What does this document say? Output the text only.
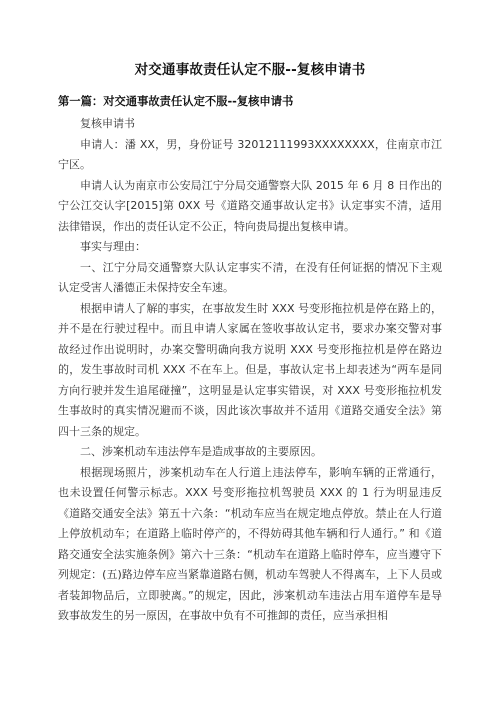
对交通事故责任认定不服--复核申请书
第一篇：对交通事故责任认定不服--复核申请书

复核申请书

申请人：潘 XX，男，身份证号 32012111993XXXXXXXX，住南京市江宁区。

申请人认为南京市公安局江宁分局交通警察大队 2015 年 6 月 8 日作出的宁公江交认字[2015]第 0XX 号《道路交通事故认定书》认定事实不清，适用法律错误，作出的责任认定不公正，特向贵局提出复核申请。

事实与理由：

一、江宁分局交通警察大队认定事实不清，在没有任何证据的情况下主观认定受害人潘德正未保持安全车速。

根据申请人了解的事实，在事故发生时 XXX 号变形拖拉机是停在路上的，并不是在行驶过程中。而且申请人家属在签收事故认定书，要求办案交警对事故经过作出说明时，办案交警明确向我方说明 XXX 号变形拖拉机是停在路边的，发生事故时司机 XXX 不在车上。但是，事故认定书上却表述为“两车是同方向行驶并发生追尾碰撞”，这明显是认定事实错误，对 XXX 号变形拖拉机发生事故时的真实情况避而不谈，因此该次事故并不适用《道路交通安全法》第四十三条的规定。

二、涉案机动车违法停车是造成事故的主要原因。

根据现场照片，涉案机动车在人行道上违法停车，影响车辆的正常通行，也未设置任何警示标志。XXX 号变形拖拉机驾驶员 XXX 的 1 行为明显违反《道路交通安全法》第五十六条：“机动车应当在规定地点停放。禁止在人行道上停放机动车；在道路上临时停产的，不得妨碍其他车辆和行人通行。” 和《道路交通安全法实施条例》第六十三条：“机动车在道路上临时停车，应当遵守下列规定：(五)路边停车应当紧靠道路右侧，机动车驾驶人不得离车，上下人员或者装卸物品后，立即驶离。”的规定，因此，涉案机动车违法占用车道停车是导致事故发生的另一原因，在事故中负有不可推卸的责任，应当承担相
